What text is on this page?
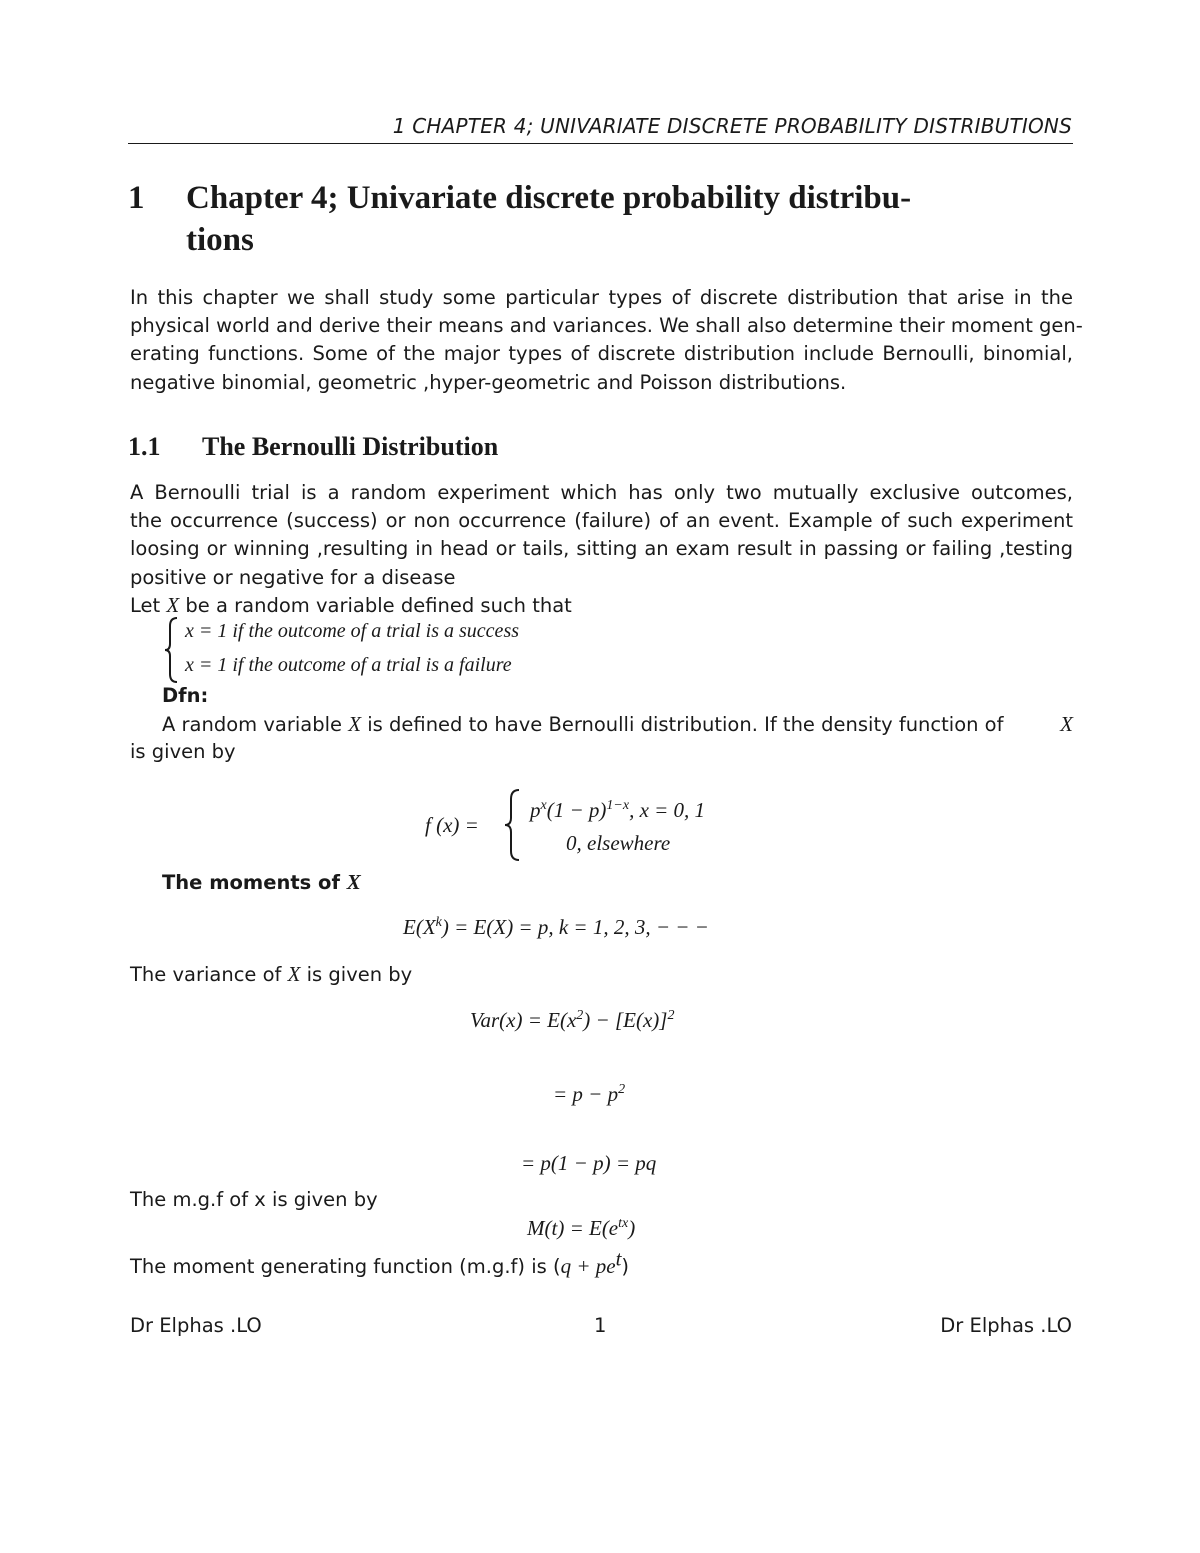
1 CHAPTER 4; UNIVARIATE DISCRETE PROBABILITY DISTRIBUTIONS
1 Chapter 4; Univariate discrete probability distribu-
tions
In this chapter we shall study some particular types of discrete distribution that arise in the
physical world and derive their means and variances. We shall also determine their moment gen-
erating functions. Some of the major types of discrete distribution include Bernoulli, binomial,
negative binomial, geometric ,hyper-geometric and Poisson distributions.
1.1 The Bernoulli Distribution
A Bernoulli trial is a random experiment which has only two mutually exclusive outcomes,
the occurrence (success) or non occurrence (failure) of an event. Example of such experiment
loosing or winning ,resulting in head or tails, sitting an exam result in passing or failing ,testing
positive or negative for a disease
Let X be a random variable defined such that
x = 1 if the outcome of a trial is a success
x = 1 if the outcome of a trial is a failure
Dfn:
A random variable X is defined to have Bernoulli distribution. If the density function of	X
is given by
f (x) =
$p^x(1 - p)^{1-x}$, x = 0, 1
0, elsewhere
The moments of X
$E(X^k) = E(X) = p$, k = 1, 2, 3, − − −
The variance of X is given by
$Var(x) = E(x^2) - [E(x)]^2$
= $p - p^2$
= p(1 − p) = pq
The m.g.f of x is given by
$M(t) = E(e^{tx})$
The moment generating function (m.g.f) is $(q + pe^t)$
Dr Elphas .LO	1	Dr Elphas .LO
